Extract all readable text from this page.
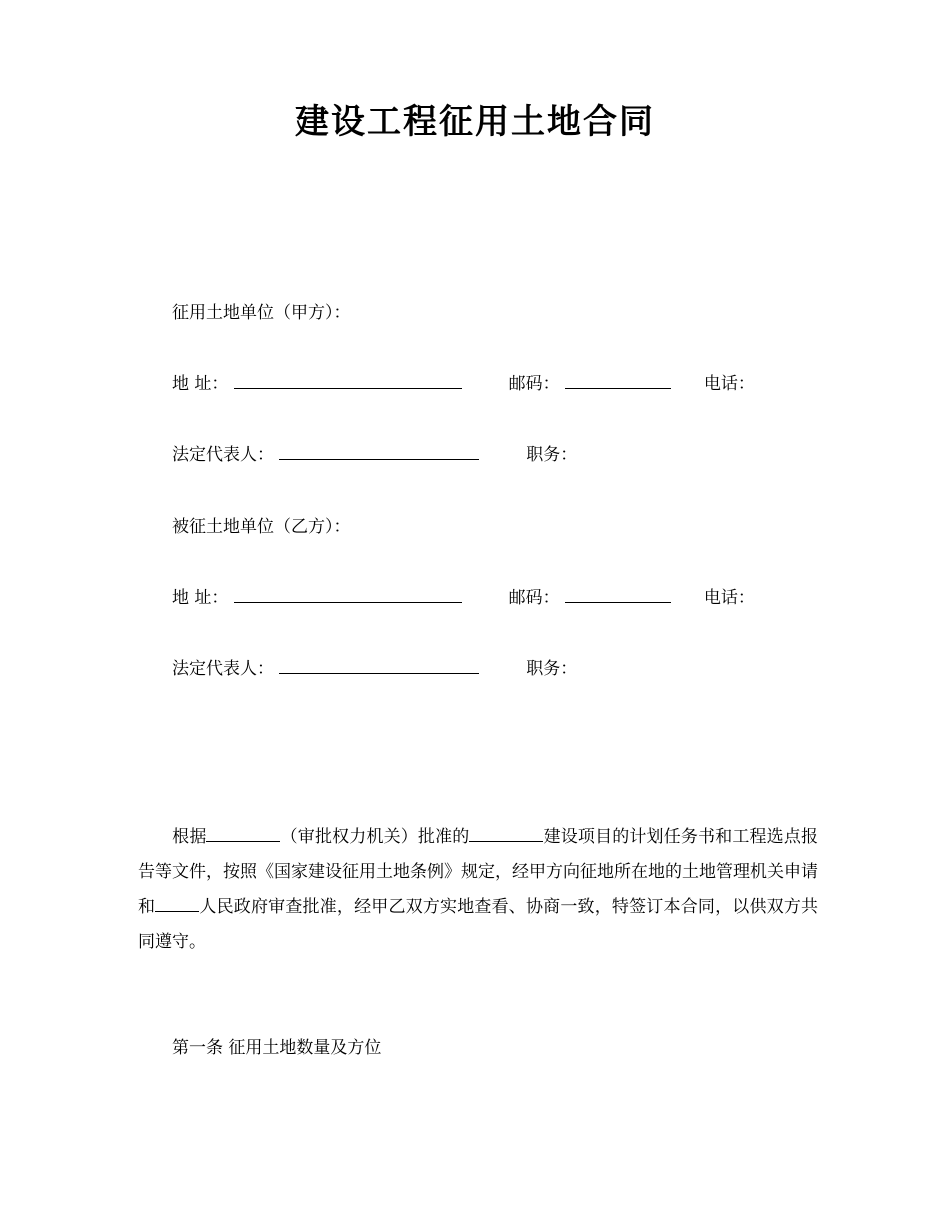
建设工程征用土地合同
征用土地单位（甲方）：
地 址：	邮码：	电话：
法定代表人：	职务：
被征土地单位（乙方）：
地 址：	邮码：	电话：
法定代表人：	职务：
根据	（审批权力机关）批准的	建设项目的计划任务书和工程选点报告等文件，按照《国家建设征用土地条例》规定，经甲方向征地所在地的土地管理机关申请和	人民政府审查批准，经甲乙双方实地查看、协商一致，特签订本合同，以供双方共同遵守。
第一条 征用土地数量及方位
